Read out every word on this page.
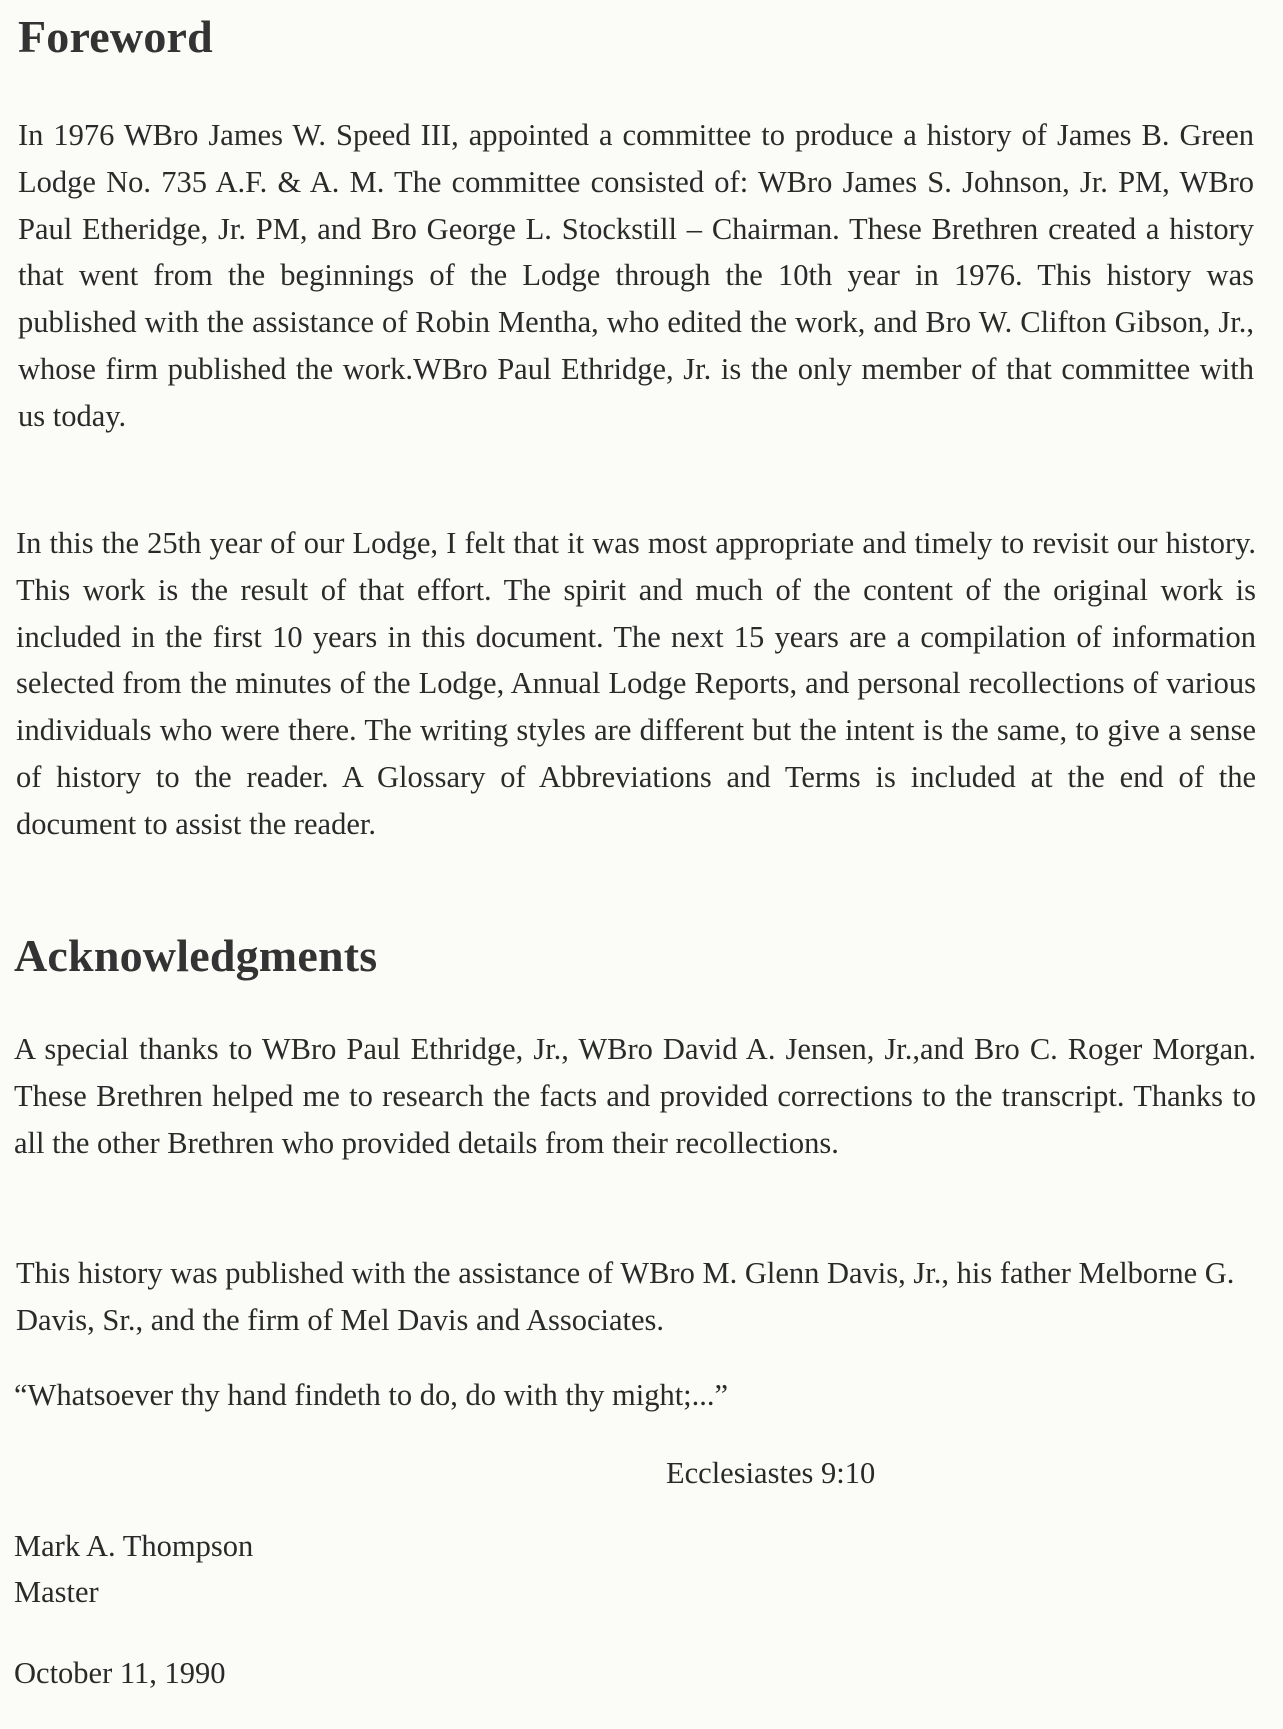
Foreword

In 1976 WBro James W. Speed III, appointed a committee to produce a history of James B. Green Lodge No. 735 A.F. & A. M. The committee consisted of: WBro James S. Johnson, Jr. PM, WBro Paul Etheridge, Jr. PM, and Bro George L. Stockstill – Chairman. These Brethren created a history that went from the beginnings of the Lodge through the 10th year in 1976. This history was published with the assistance of Robin Mentha, who edited the work, and Bro W. Clifton Gibson, Jr., whose firm published the work.WBro Paul Ethridge, Jr. is the only member of that committee with us today.

In this the 25th year of our Lodge, I felt that it was most appropriate and timely to revisit our history. This work is the result of that effort. The spirit and much of the content of the original work is included in the first 10 years in this document. The next 15 years are a compilation of information selected from the minutes of the Lodge, Annual Lodge Reports, and personal recollections of various individuals who were there. The writing styles are different but the intent is the same, to give a sense of history to the reader. A Glossary of Abbreviations and Terms is included at the end of the document to assist the reader.

Acknowledgments

A special thanks to WBro Paul Ethridge, Jr., WBro David A. Jensen, Jr.,and Bro C. Roger Morgan. These Brethren helped me to research the facts and provided corrections to the transcript. Thanks to all the other Brethren who provided details from their recollections.

This history was published with the assistance of WBro M. Glenn Davis, Jr., his father Melborne G. Davis, Sr., and the firm of Mel Davis and Associates.

“Whatsoever thy hand findeth to do, do with thy might;...”

Ecclesiastes 9:10

Mark A. Thompson

Master

October 11, 1990
